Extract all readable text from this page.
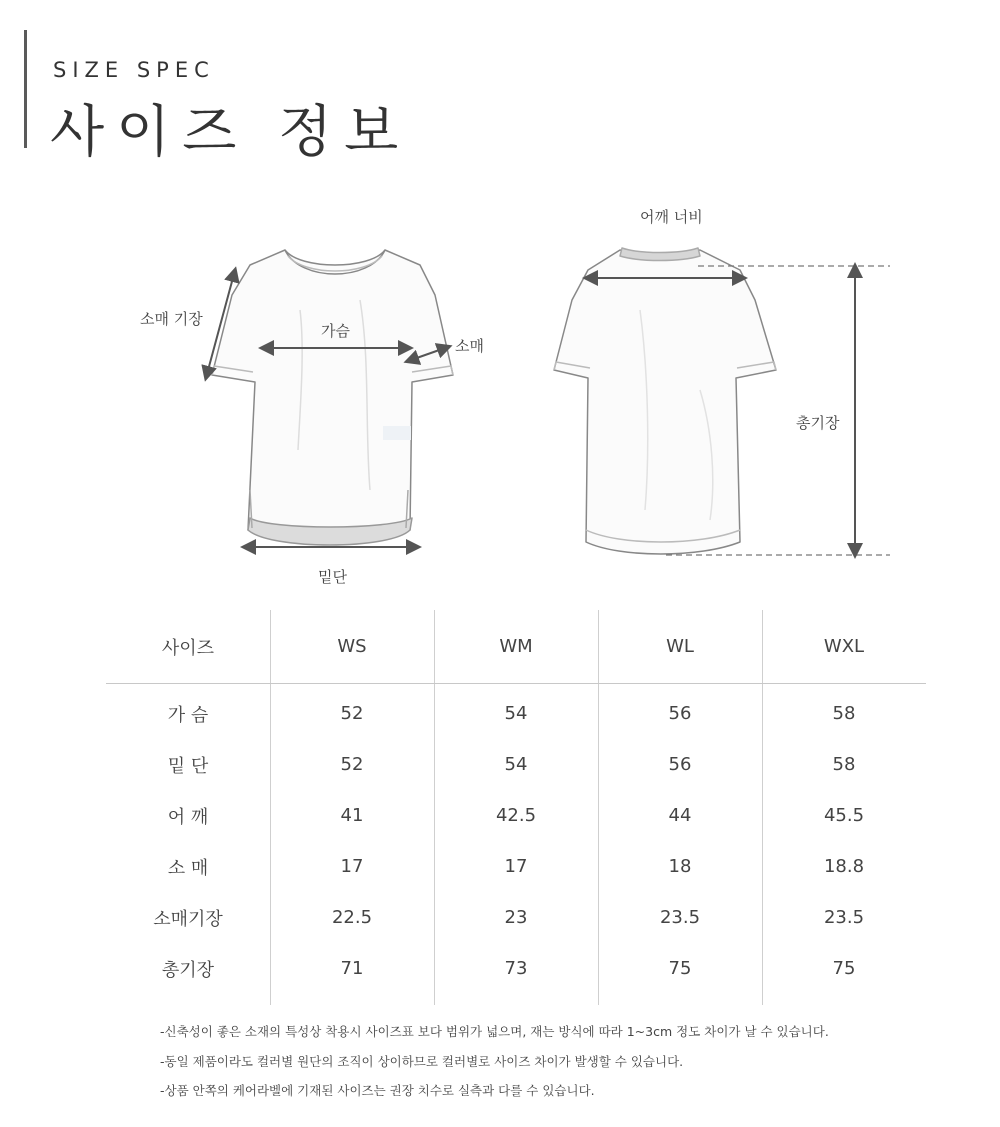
SIZE SPEC
사이즈 정보
소매 기장
가슴
소매
밑단
어깨 너비
총기장
사이즈	WS	WM	WL	WXL
가 슴	52	54	56	58
밑 단	52	54	56	58
어 깨	41	42.5	44	45.5
소 매	17	17	18	18.8
소매기장	22.5	23	23.5	23.5
총기장	71	73	75	75
-신축성이 좋은 소재의 특성상 착용시 사이즈표 보다 범위가 넓으며, 재는 방식에 따라 1~3cm 정도 차이가 날 수 있습니다.
-동일 제품이라도 컬러별 원단의 조직이 상이하므로 컬러별로 사이즈 차이가 발생할 수 있습니다.
-상품 안쪽의 케어라벨에 기재된 사이즈는 권장 치수로 실측과 다를 수 있습니다.
